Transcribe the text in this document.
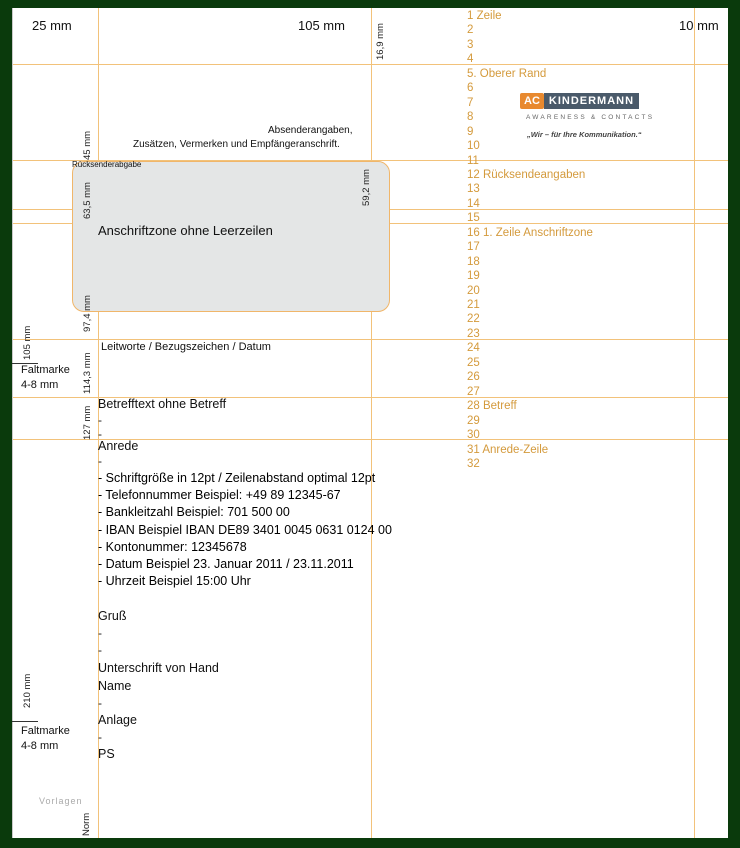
25 mm	105 mm	10 mm
16,9 mm
Absenderangaben,
Zusätzen, Vermerken und Empfängeranschrift.
Rücksenderabgabe
Anschriftzone ohne Leerzeilen
59,2 mm
45 mm
63,5 mm
97,4 mm
105 mm
114,3 mm
127 mm
210 mm
Norm
Faltmarke
4-8 mm
Faltmarke
4-8 mm
Leitworte / Bezugszeichen / Datum
Betrefftext ohne Betreff
-
-
Anrede
-
- Schriftgröße in 12pt / Zeilenabstand optimal 12pt
- Telefonnummer Beispiel: +49 89 12345-67
- Bankleitzahl Beispiel: 701 500 00
- IBAN Beispiel IBAN DE89 3401 0045 0631 0124 00
- Kontonummer: 12345678
- Datum Beispiel 23. Januar 2011 / 23.11.2011
- Uhrzeit Beispiel 15:00 Uhr
Gruß
-
-
Unterschrift von Hand
Name
-
Anlage
-
PS
Vorlagen
AC KINDERMANN
AWARENESS & CONTACTS
„Wir – für Ihre Kommunikation.“
1 Zeile
2
3
4
5. Oberer Rand
6
7
8
9
10
11
12 Rücksendeangaben
13
14
15
16 1. Zeile Anschriftzone
17
18
19
20
21
22
23
24
25
26
27
28 Betreff
29
30
31 Anrede-Zeile
32
